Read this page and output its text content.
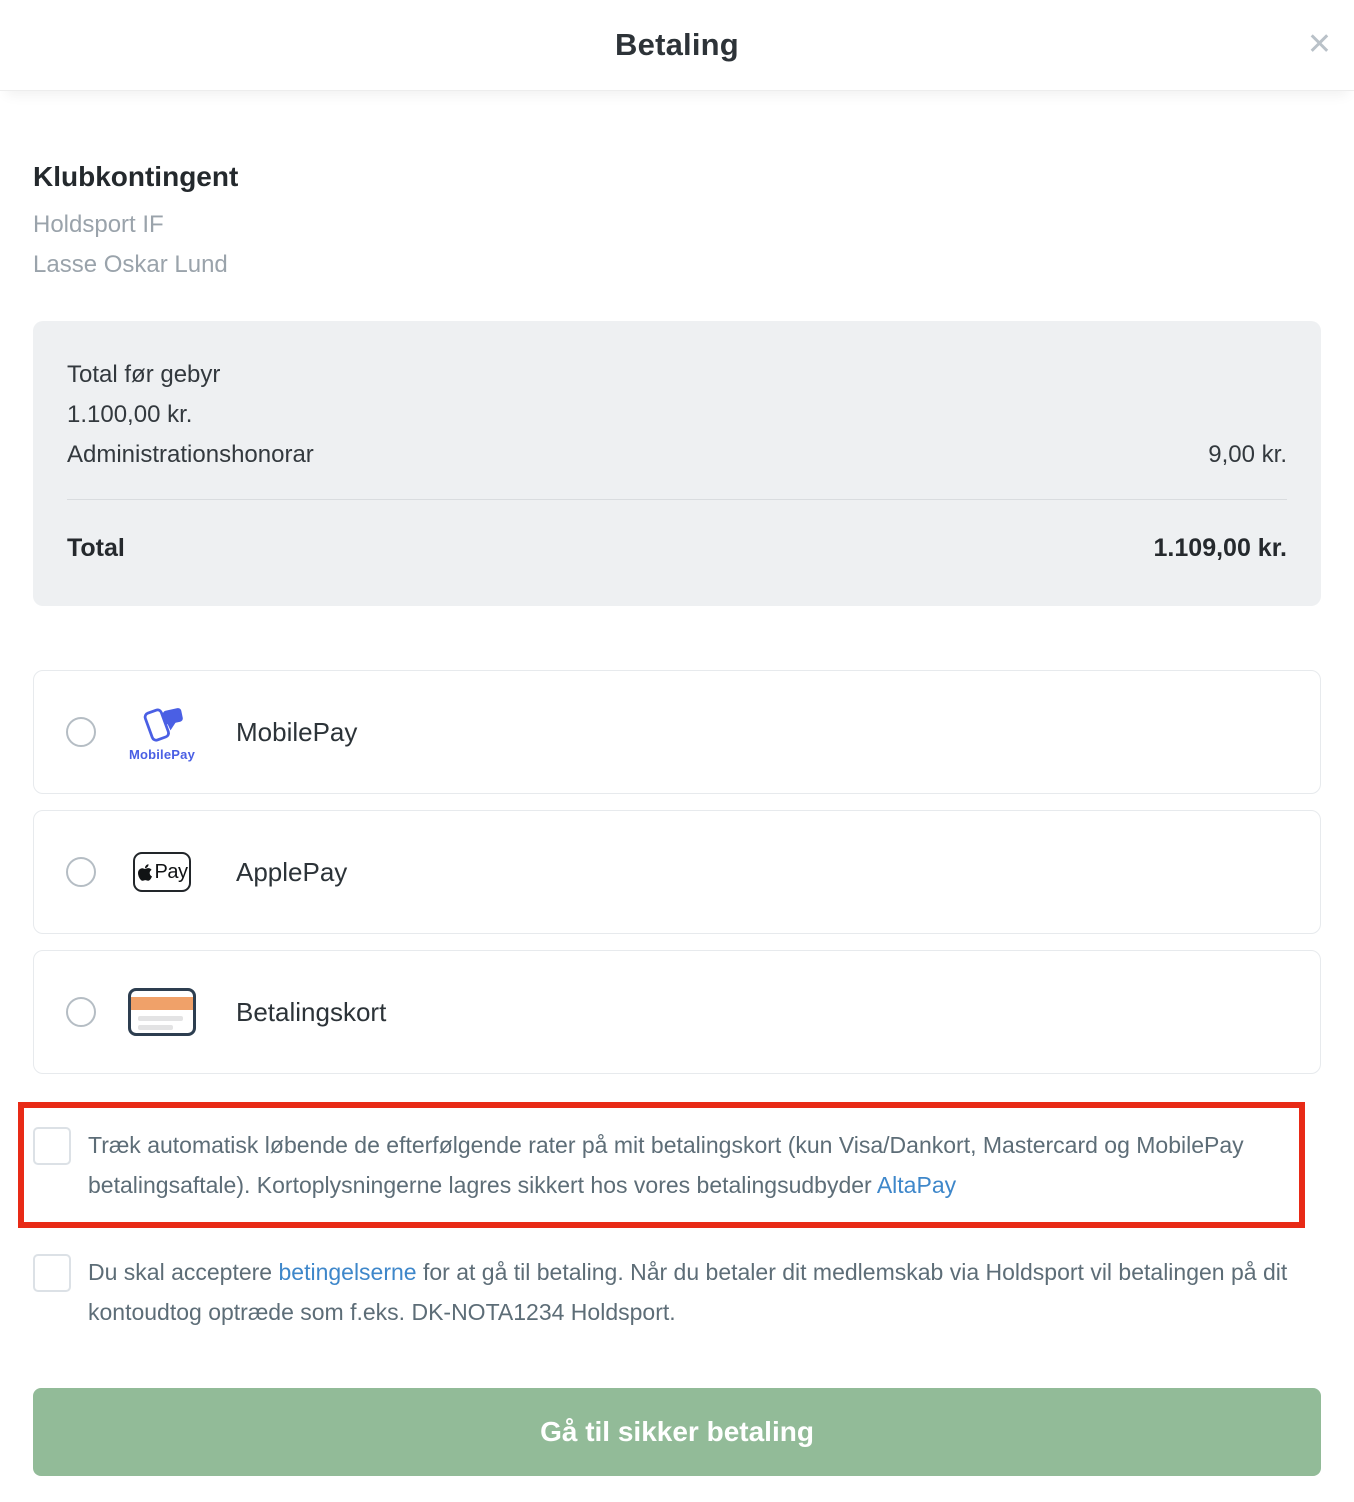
Betaling	✕
Klubkontingent
Holdsport IF
Lasse Oskar Lund
Total før gebyr
1.100,00 kr.
Administrationshonorar	9,00 kr.
Total	1.109,00 kr.
MobilePay
MobilePay
Pay ApplePay
Betalingskort
Træk automatisk løbende de efterfølgende rater på mit betalingskort (kun Visa/Dankort, Mastercard og MobilePay betalingsaftale). Kortoplysningerne lagres sikkert hos vores betalingsudbyder AltaPay
Du skal acceptere betingelserne for at gå til betaling. Når du betaler dit medlemskab via Holdsport vil betalingen på dit kontoudtog optræde som f.eks. DK-NOTA1234 Holdsport.
Gå til sikker betaling
